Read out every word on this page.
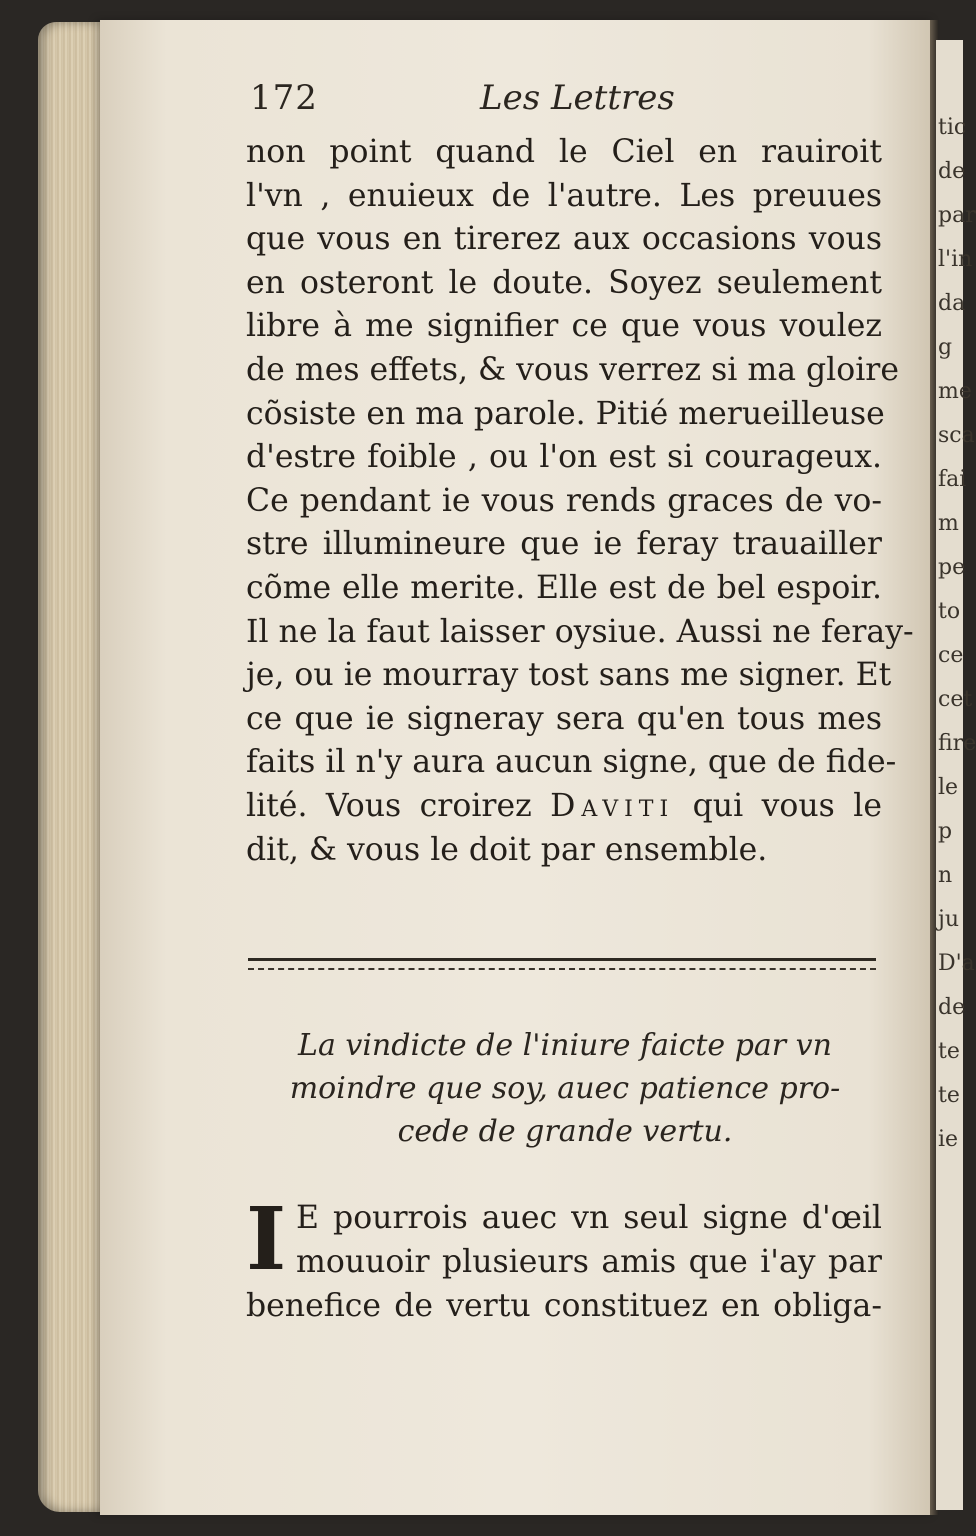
tic
de
par
l'in
da
g
me
sca
fai
m
pe
to
ce
cet
fire
le
p
n
ju
D'a
de
te
te
ie
172	Les Lettres
non point quand le Ciel en rauiroit
l'vn , enuieux de l'autre. Les preuues
que vous en tirerez aux occasions vous
en osteront le doute. Soyez seulement
libre à me signifier ce que vous voulez
de mes effets, & vous verrez si ma gloire
cõsiste en ma parole. Pitié merueilleuse
d'estre foible , ou l'on est si courageux.
Ce pendant ie vous rends graces de vo-
stre illumineure que ie feray trauailler
cõme elle merite. Elle est de bel espoir.
Il ne la faut laisser oysiue. Aussi ne feray-
je, ou ie mourray tost sans me signer. Et
ce que ie signeray sera qu'en tous mes
faits il n'y aura aucun signe, que de fide-
lité. Vous croirez Daviti qui vous le
dit, & vous le doit par ensemble.
La vindicte de l'iniure faicte par vn
moindre que soy, auec patience pro-
cede de grande vertu.
I E pourrois auec vn seul signe d'œil
mouuoir plusieurs amis que i'ay par
benefice de vertu constituez en obliga-
